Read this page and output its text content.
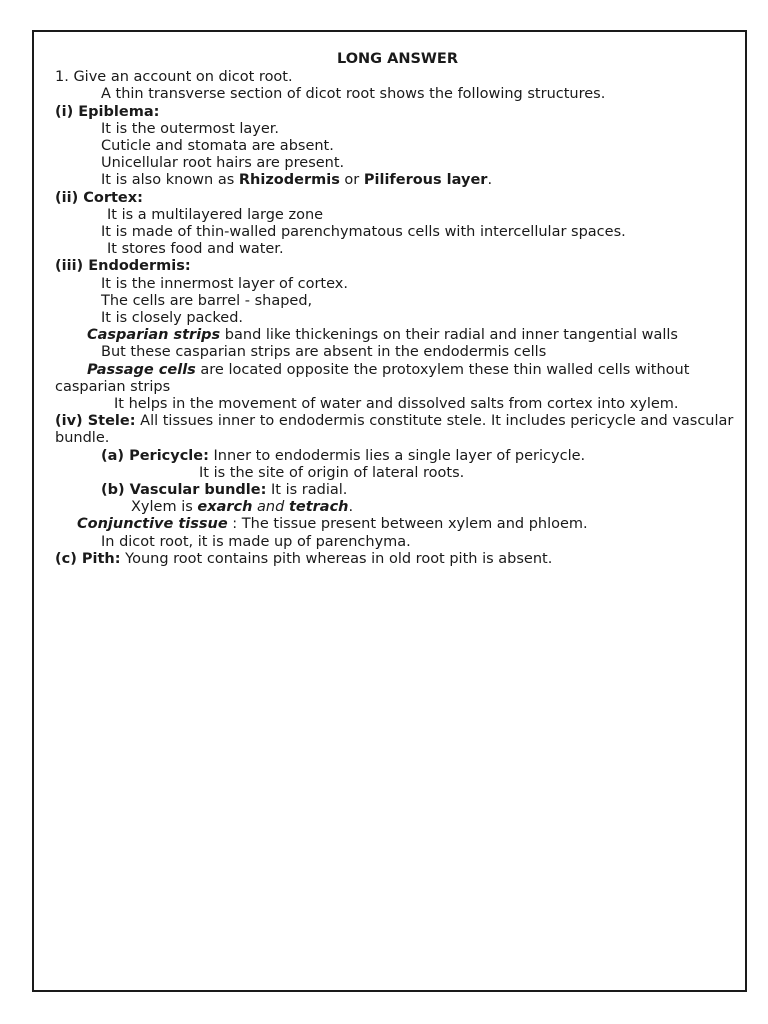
LONG ANSWER
1. Give an account on dicot root.
A thin transverse section of dicot root shows the following structures.
(i) Epiblema:
It is the outermost layer.
Cuticle and stomata are absent.
Unicellular root hairs are present.
It is also known as Rhizodermis or Piliferous layer.
(ii) Cortex:
It is a multilayered large zone
It is made of thin-walled parenchymatous cells with intercellular spaces.
It stores food and water.
(iii) Endodermis:
It is the innermost layer of cortex.
The cells are barrel - shaped,
It is closely packed.
Casparian strips band like thickenings on their radial and inner tangential walls
But these casparian strips are absent in the endodermis cells
Passage cells are located opposite the protoxylem these thin walled cells without casparian strips
It helps in the movement of water and dissolved salts from cortex into xylem.
(iv) Stele: All tissues inner to endodermis constitute stele. It includes pericycle and vascular bundle.
(a) Pericycle: Inner to endodermis lies a single layer of pericycle.
It is the site of origin of lateral roots.
(b) Vascular bundle: It is radial.
Xylem is exarch and tetrach.
Conjunctive tissue : The tissue present between xylem and phloem.
In dicot root, it is made up of parenchyma.
(c) Pith: Young root contains pith whereas in old root pith is absent.
